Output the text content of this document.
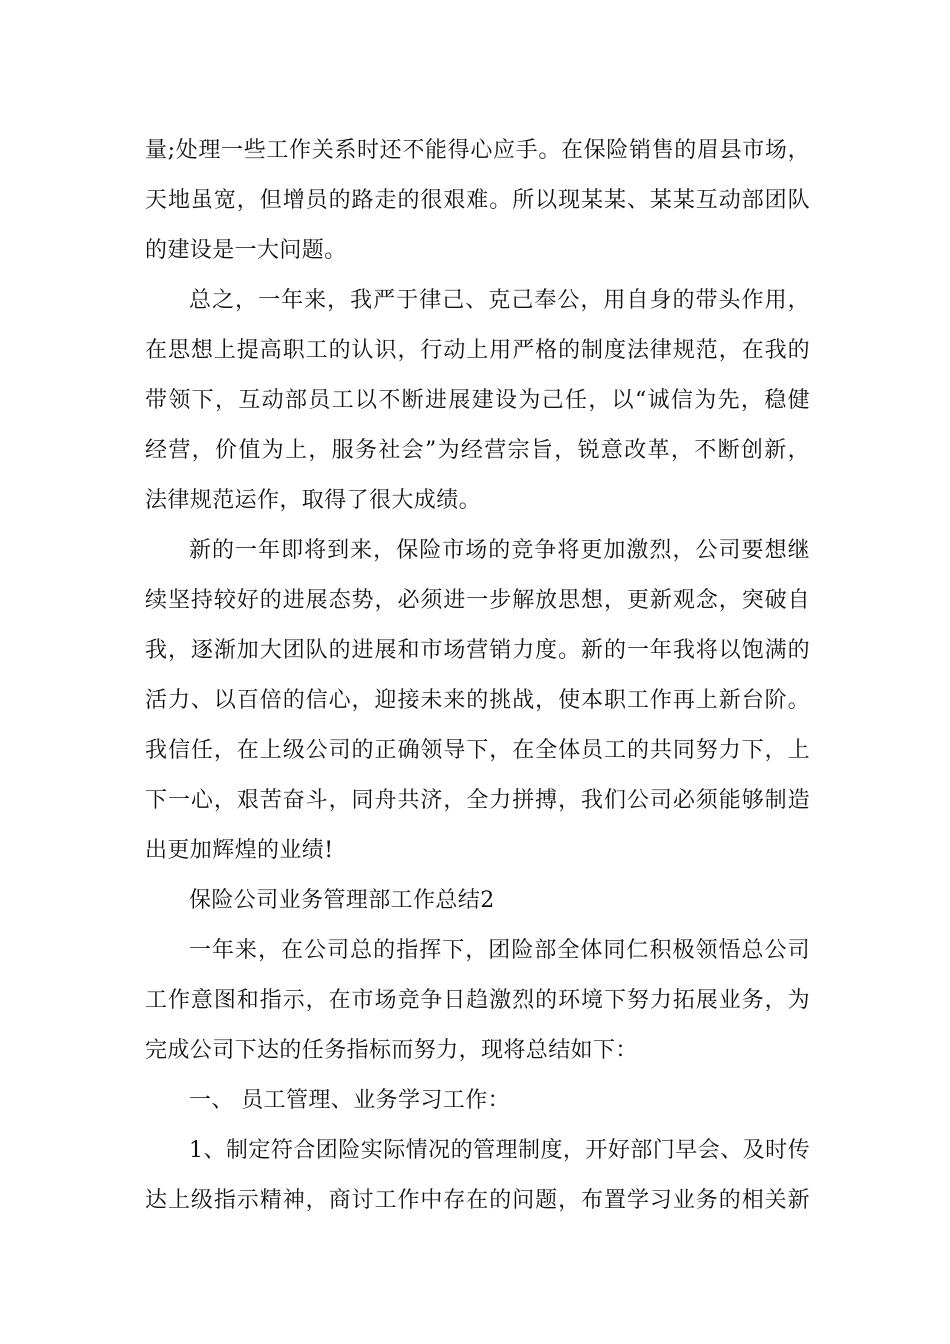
量;处理一些工作关系时还不能得心应手。在保险销售的眉县市场，
天地虽宽，但增员的路走的很艰难。所以现某某、某某互动部团队
的建设是一大问题。
总之，一年来，我严于律己、克己奉公，用自身的带头作用，
在思想上提高职工的认识，行动上用严格的制度法律规范，在我的
带领下，互动部员工以不断进展建设为己任，以“诚信为先，稳健
经营，价值为上，服务社会”为经营宗旨，锐意改革，不断创新，
法律规范运作，取得了很大成绩。
新的一年即将到来，保险市场的竞争将更加激烈，公司要想继
续坚持较好的进展态势，必须进一步解放思想，更新观念，突破自
我，逐渐加大团队的进展和市场营销力度。新的一年我将以饱满的
活力、以百倍的信心，迎接未来的挑战，使本职工作再上新台阶。
我信任，在上级公司的正确领导下，在全体员工的共同努力下，上
下一心，艰苦奋斗，同舟共济，全力拼搏，我们公司必须能够制造
出更加辉煌的业绩!
保险公司业务管理部工作总结2
一年来，在公司总的指挥下，团险部全体同仁积极领悟总公司
工作意图和指示，在市场竞争日趋激烈的环境下努力拓展业务，为
完成公司下达的任务指标而努力，现将总结如下：
一、 员工管理、业务学习工作：
1、制定符合团险实际情况的管理制度，开好部门早会、及时传
达上级指示精神，商讨工作中存在的问题，布置学习业务的相关新
